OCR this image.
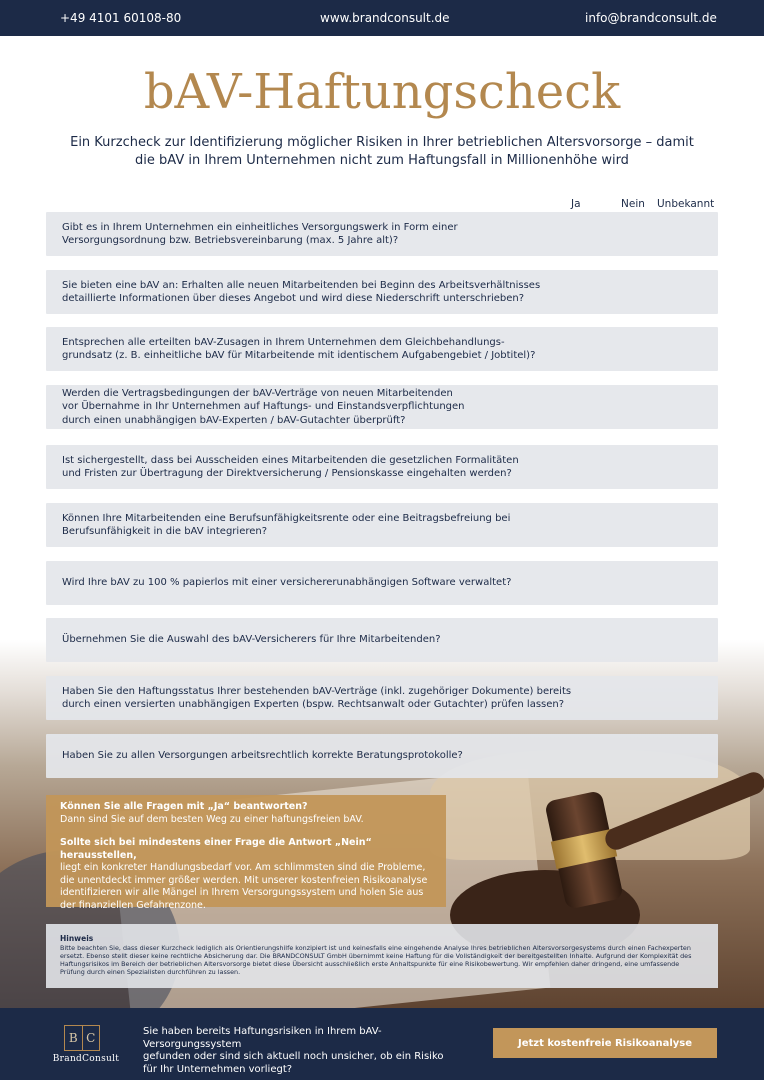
+49 4101 60108-80	www.brandconsult.de	info@brandconsult.de
bAV-Haftungscheck

Ein Kurzcheck zur Identifizierung möglicher Risiken in Ihrer betrieblichen Altersvorsorge – damit die bAV in Ihrem Unternehmen nicht zum Haftungsfall in Millionenhöhe wird

Ja	Nein Unbekannt
Gibt es in Ihrem Unternehmen ein einheitliches Versorgungswerk in Form einer
Versorgungsordnung bzw. Betriebsvereinbarung (max. 5 Jahre alt)?
Sie bieten eine bAV an: Erhalten alle neuen Mitarbeitenden bei Beginn des Arbeitsverhältnisses
detaillierte Informationen über dieses Angebot und wird diese Niederschrift unterschrieben?
Entsprechen alle erteilten bAV-Zusagen in Ihrem Unternehmen dem Gleichbehandlungs-
grundsatz (z. B. einheitliche bAV für Mitarbeitende mit identischem Aufgabengebiet / Jobtitel)?
Werden die Vertragsbedingungen der bAV-Verträge von neuen Mitarbeitenden
vor Übernahme in Ihr Unternehmen auf Haftungs- und Einstandsverpflichtungen
durch einen unabhängigen bAV-Experten / bAV-Gutachter überprüft?
Ist sichergestellt, dass bei Ausscheiden eines Mitarbeitenden die gesetzlichen Formalitäten
und Fristen zur Übertragung der Direktversicherung / Pensionskasse eingehalten werden?
Können Ihre Mitarbeitenden eine Berufsunfähigkeitsrente oder eine Beitragsbefreiung bei
Berufsunfähigkeit in die bAV integrieren?
Wird Ihre bAV zu 100 % papierlos mit einer versichererunabhängigen Software verwaltet?
Übernehmen Sie die Auswahl des bAV-Versicherers für Ihre Mitarbeitenden?
Haben Sie den Haftungsstatus Ihrer bestehenden bAV-Verträge (inkl. zugehöriger Dokumente) bereits
durch einen versierten unabhängigen Experten (bspw. Rechtsanwalt oder Gutachter) prüfen lassen?
Haben Sie zu allen Versorgungen arbeitsrechtlich korrekte Beratungsprotokolle?

Können Sie alle Fragen mit „Ja“ beantworten?

Dann sind Sie auf dem besten Weg zu einer haftungsfreien bAV.

Sollte sich bei mindestens einer Frage die Antwort „Nein“ herausstellen,

liegt ein konkreter Handlungsbedarf vor. Am schlimmsten sind die Probleme, die unentdeckt immer größer werden. Mit unserer kostenfreien Risikoanalyse identifizieren wir alle Mängel in Ihrem Versorgungssystem und holen Sie aus der finanziellen Gefahrenzone.

Hinweis
Bitte beachten Sie, dass dieser Kurzcheck lediglich als Orientierungshilfe konzipiert ist und keinesfalls eine eingehende Analyse Ihres betrieblichen Altersvorsorgesystems durch einen Fachexperten ersetzt. Ebenso stellt dieser keine rechtliche Absicherung dar. Die BRANDCONSULT GmbH übernimmt keine Haftung für die Vollständigkeit der bereitgestellten Inhalte. Aufgrund der Komplexität des Haftungsrisikos im Bereich der betrieblichen Altersvorsorge bietet diese Übersicht ausschließlich erste Anhaltspunkte für eine Risikobewertung. Wir empfehlen daher dringend, eine umfassende Prüfung durch einen Spezialisten durchführen zu lassen.
B C
BrandConsult
Sie haben bereits Haftungsrisiken in Ihrem bAV-Versorgungssystem
gefunden oder sind sich aktuell noch unsicher, ob ein Risiko
für Ihr Unternehmen vorliegt?
Jetzt kostenfreie Risikoanalyse
